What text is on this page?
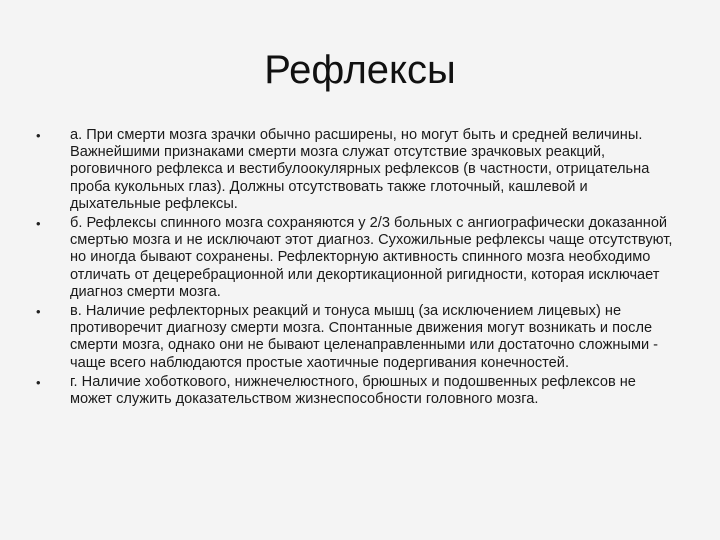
Рефлексы
•	а. При смерти мозга зрачки обычно расширены, но могут быть и средней величины. Важнейшими признаками смерти мозга служат отсутствие зрачковых реакций, роговичного рефлекса и вестибулоокулярных рефлексов (в частности, отрицательна проба кукольных глаз). Должны отсутствовать также глоточный, кашлевой и дыхательные рефлексы.
•	б. Рефлексы спинного мозга сохраняются у 2/3 больных с ангиографически доказанной смертью мозга и не исключают этот диагноз. Сухожильные рефлексы чаще отсутствуют, но иногда бывают сохранены. Рефлекторную активность спинного мозга необходимо отличать от децеребрационной или декортикационной ригидности, которая исключает диагноз смерти мозга.
•	в. Наличие рефлекторных реакций и тонуса мышц (за исключением лицевых) не противоречит диагнозу смерти мозга. Спонтанные движения могут возникать и после смерти мозга, однако они не бывают целенаправленными или достаточно сложными - чаще всего наблюдаются простые хаотичные подергивания конечностей.
•	г. Наличие хоботкового, нижнечелюстного, брюшных и подошвенных рефлексов не может служить доказательством жизнеспособности головного мозга.
